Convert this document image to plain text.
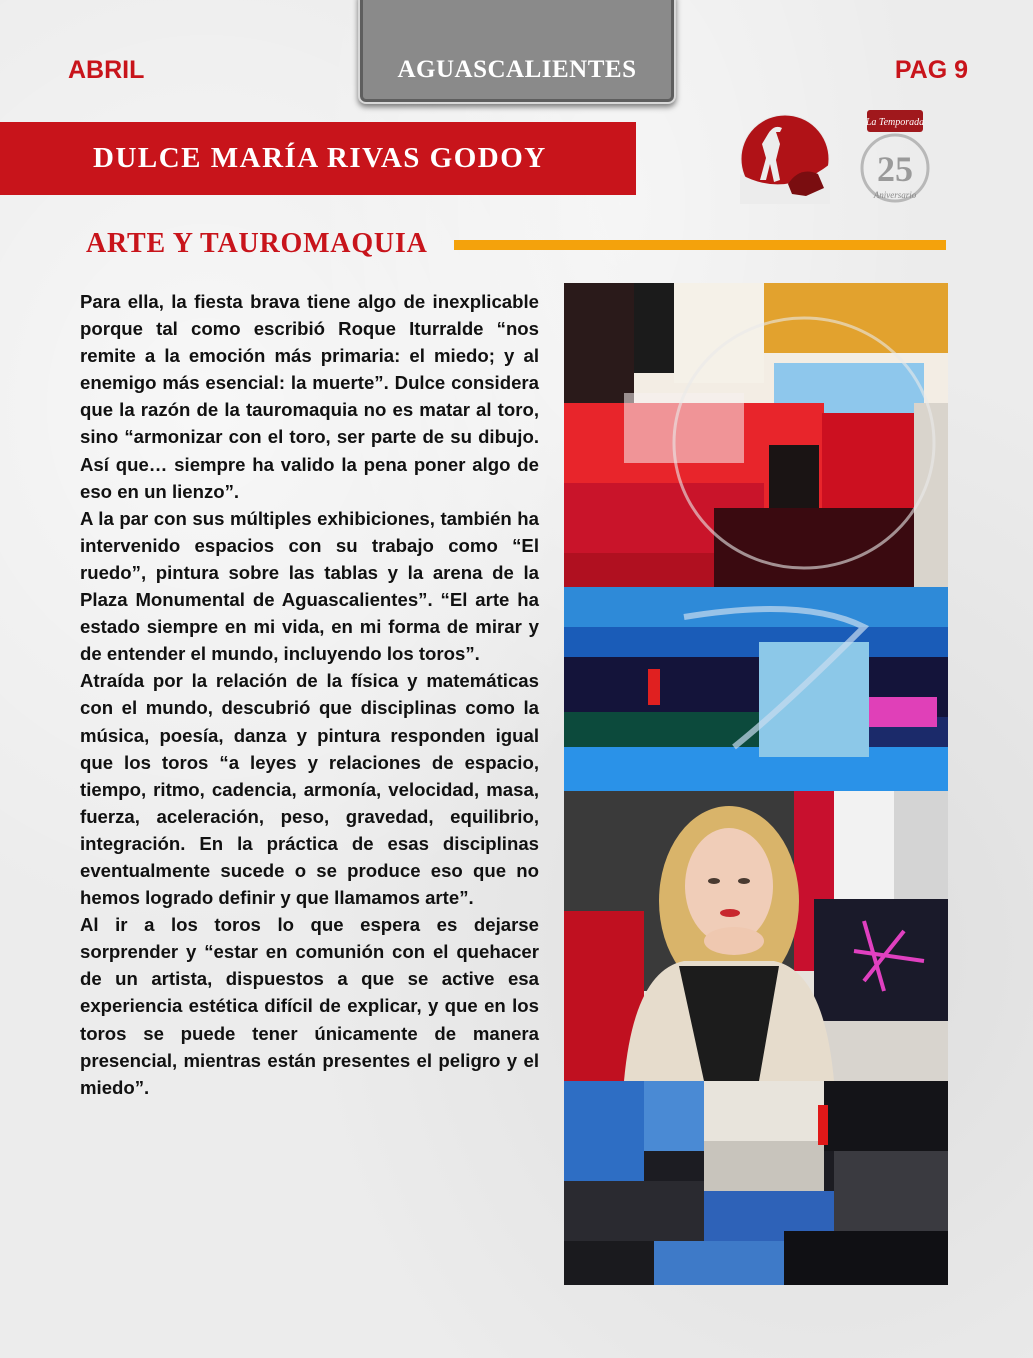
ABRIL	AGUASCALIENTES	PAG 9
DULCE MARÍA RIVAS GODOY
La Temporada
25
Aniversario
ARTE Y TAUROMAQUIA

Para ella, la fiesta brava tiene algo de inexplicable porque tal como escribió Roque Iturralde “nos remite a la emoción más primaria: el miedo; y al enemigo más esencial: la muerte”. Dulce considera que la razón de la tauromaquia no es matar al toro, sino “armonizar con el toro, ser parte de su dibujo. Así que… siempre ha valido la pena poner algo de eso en un lienzo”.

A la par con sus múltiples exhibiciones, también ha intervenido espacios con su trabajo como “El ruedo”, pintura sobre las tablas y la arena de la Plaza Monumental de Aguascalientes”. “El arte ha estado siempre en mi vida, en mi forma de mirar y de entender el mundo, incluyendo los toros”.

Atraída por la relación de la física y matemáticas con el mundo, descubrió que disciplinas como la música, poesía, danza y pintura responden igual que los toros “a leyes y relaciones de espacio, tiempo, ritmo, cadencia, armonía, velocidad, masa, fuerza, aceleración, peso, gravedad, equilibrio, integración. En la práctica de esas disciplinas eventualmente sucede o se produce eso que no hemos logrado definir y que llamamos arte”.

Al ir a los toros lo que espera es dejarse sorprender y “estar en comunión con el quehacer de un artista, dispuestos a que se active esa experiencia estética difícil de explicar, y que en los toros se puede tener únicamente de manera presencial, mientras están presentes el peligro y el miedo”.
